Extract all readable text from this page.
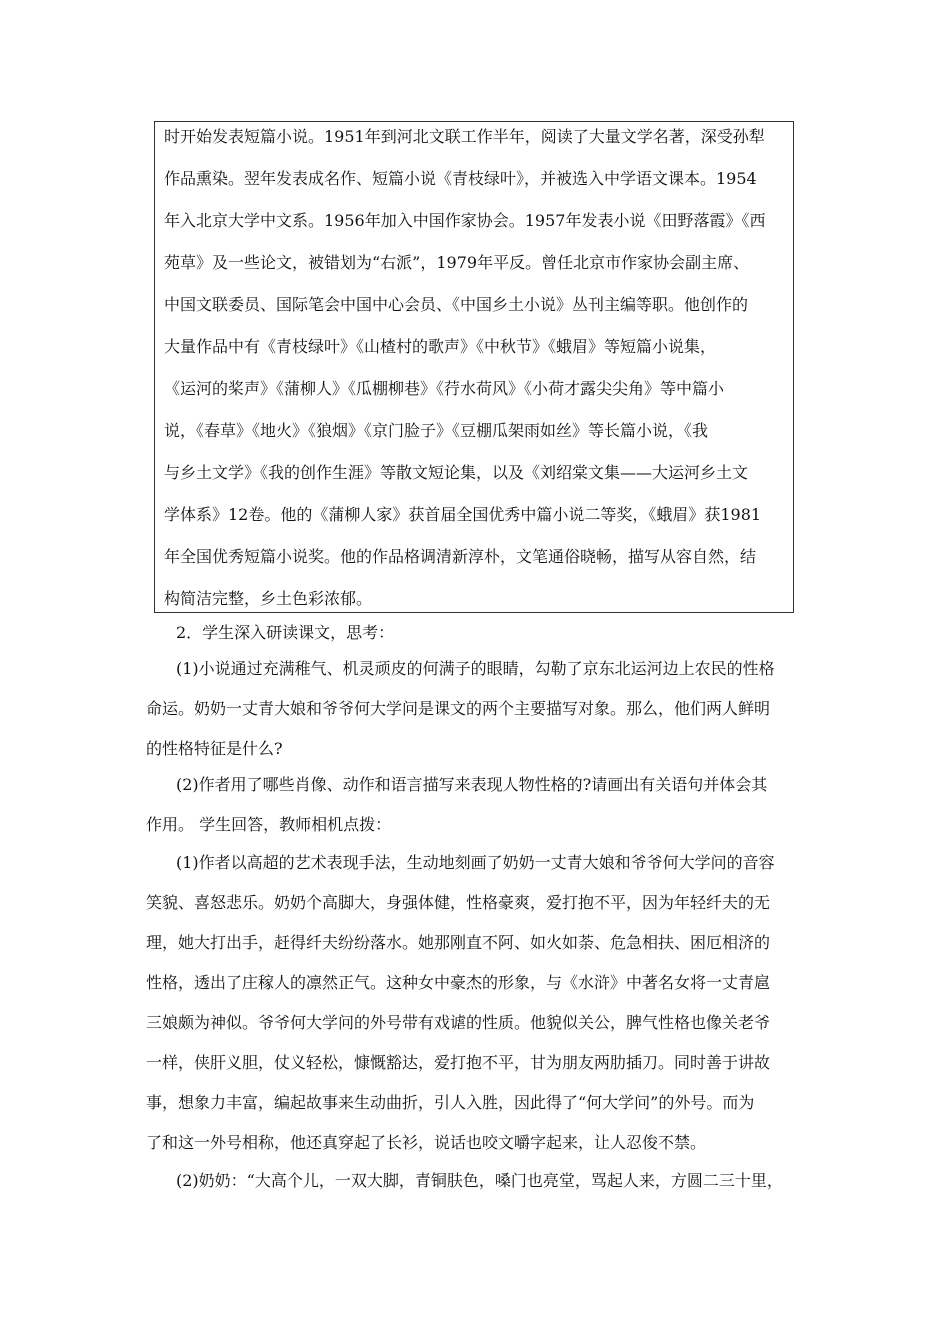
时开始发表短篇小说。1951年到河北文联工作半年，阅读了大量文学名著，深受孙犁
作品熏染。翌年发表成名作、短篇小说《青枝绿叶》，并被选入中学语文课本。1954
年入北京大学中文系。1956年加入中国作家协会。1957年发表小说《田野落霞》《西
苑草》及一些论文，被错划为“右派”，1979年平反。曾任北京市作家协会副主席、
中国文联委员、国际笔会中国中心会员、《中国乡土小说》丛刊主编等职。他创作的
大量作品中有《青枝绿叶》《山楂村的歌声》《中秋节》《蛾眉》等短篇小说集，
《运河的桨声》《蒲柳人》《瓜棚柳巷》《荇水荷风》《小荷才露尖尖角》等中篇小
说，《春草》《地火》《狼烟》《京门脸子》《豆棚瓜架雨如丝》等长篇小说，《我
与乡土文学》《我的创作生涯》等散文短论集，以及《刘绍棠文集——大运河乡土文
学体系》12卷。他的《蒲柳人家》获首届全国优秀中篇小说二等奖，《蛾眉》获1981
年全国优秀短篇小说奖。他的作品格调清新淳朴，文笔通俗晓畅，描写从容自然，结
构简洁完整，乡土色彩浓郁。
2．学生深入研读课文，思考：
(1)小说通过充满稚气、机灵顽皮的何满子的眼睛，勾勒了京东北运河边上农民的性格
命运。奶奶一丈青大娘和爷爷何大学问是课文的两个主要描写对象。那么，他们两人鲜明
的性格特征是什么?
(2)作者用了哪些肖像、动作和语言描写来表现人物性格的?请画出有关语句并体会其
作用。 学生回答，教师相机点拨：
(1)作者以高超的艺术表现手法，生动地刻画了奶奶一丈青大娘和爷爷何大学问的音容
笑貌、喜怒悲乐。奶奶个高脚大，身强体健，性格豪爽，爱打抱不平，因为年轻纤夫的无
理，她大打出手，赶得纤夫纷纷落水。她那刚直不阿、如火如荼、危急相扶、困厄相济的
性格，透出了庄稼人的凛然正气。这种女中豪杰的形象，与《水浒》中著名女将一丈青扈
三娘颇为神似。爷爷何大学问的外号带有戏谑的性质。他貌似关公，脾气性格也像关老爷
一样，侠肝义胆，仗义轻松，慷慨豁达，爱打抱不平，甘为朋友两肋插刀。同时善于讲故
事，想象力丰富，编起故事来生动曲折，引人入胜，因此得了“何大学问”的外号。而为
了和这一外号相称，他还真穿起了长衫，说话也咬文嚼字起来，让人忍俊不禁。
(2)奶奶：“大高个儿，一双大脚，青铜肤色，嗓门也亮堂，骂起人来，方圆二三十里，
